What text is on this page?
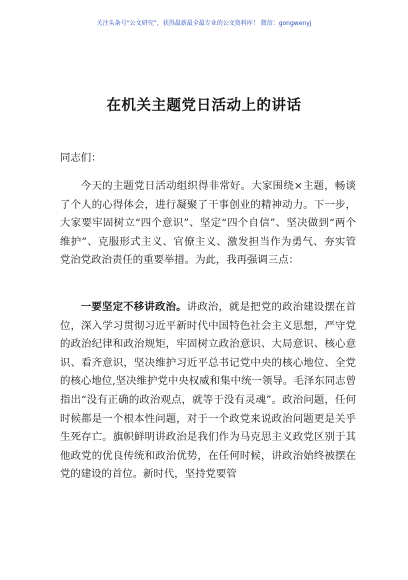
关注头条号“公文研究”，获得最新最全最专业的公文资料库！ 微信：gongwenyj
在机关主题党日活动上的讲话

同志们：

今天的主题党日活动组织得非常好。大家围绕×主题，畅谈了个人的心得体会，进行凝聚了干事创业的精神动力。下一步，大家要牢固树立“四个意识”、坚定“四个自信”、坚决做到“两个维护”、克服形式主义、官僚主义、激发担当作为勇气、夯实管党治党政治责任的重要举措。为此，我再强调三点：

一要坚定不移讲政治。讲政治，就是把党的政治建设摆在首位，深入学习贯彻习近平新时代中国特色社会主义思想，严守党的政治纪律和政治规矩，牢固树立政治意识、大局意识、核心意识、看齐意识，坚决维护习近平总书记党中央的核心地位、全党的核心地位,坚决维护党中央权威和集中统一领导。毛泽东同志曾指出“没有正确的政治观点，就等于没有灵魂”。政治问题，任何时候都是一个根本性问题，对于一个政党来说政治问题更是关乎生死存亡。旗帜鲜明讲政治是我们作为马克思主义政党区别于其他政党的优良传统和政治优势，在任何时候，讲政治始终被摆在党的建设的首位。新时代，坚持党要管
